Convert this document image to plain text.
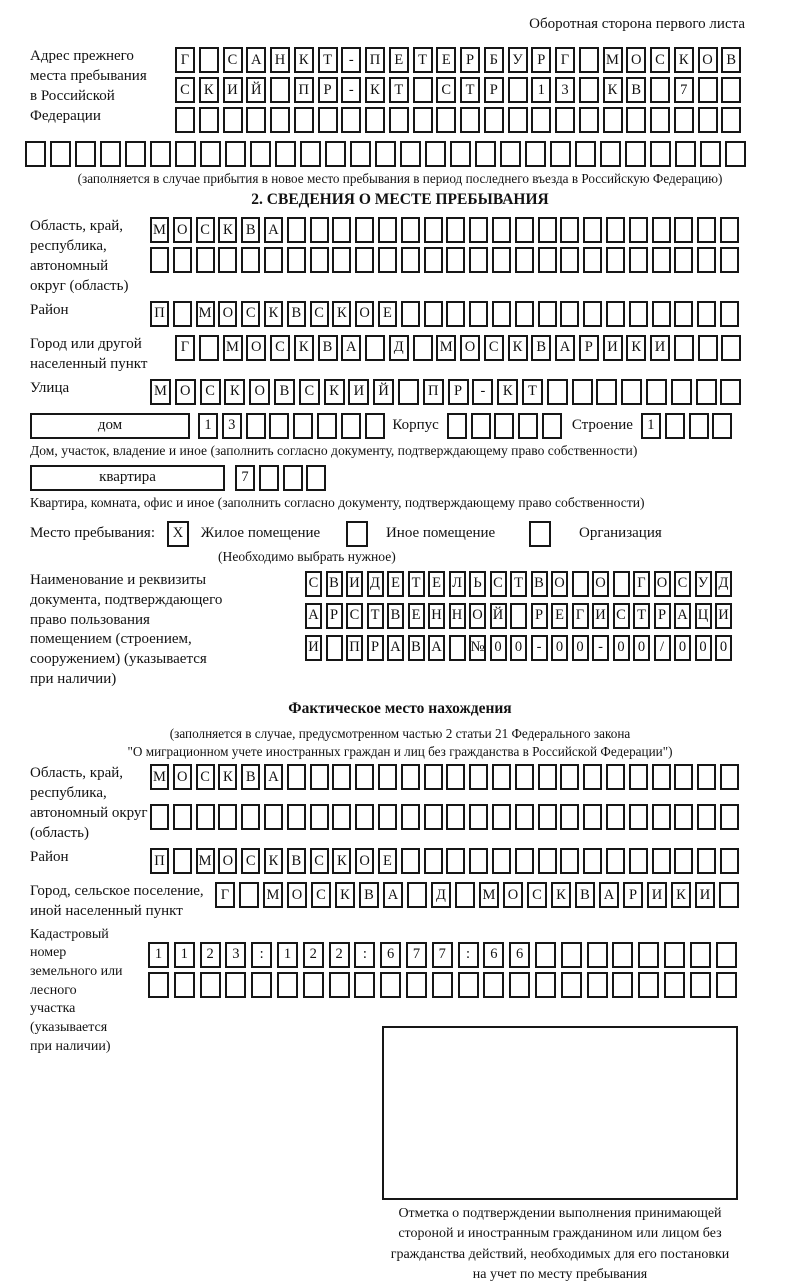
Оборотная сторона первого листа
Адрес прежнего
места пребывания
в Российской
Федерации
Г	С А Н К Т	-	П Е	Т	Е	Р	Б У	Р	Г	М О С К О В
С К И Й	П Р	-	К Т	С Т	Р	1	3	К В	7
(заполняется в случае прибытия в новое место пребывания в период последнего въезда в Российскую Федерацию)
2. СВЕДЕНИЯ О МЕСТЕ ПРЕБЫВАНИЯ
Область, край,
республика,
автономный
округ (область)
М О С К В А
Район	П М О С К В С К О Е
Город или другой
населенный пункт
Г	М О С К В А	Д	М О С К В А Р И К И
Улица	М О	С	К	О	В	С	К	И Й	П	Р	-	К	Т
дом	1	3	Корпус	Строение 1
Дом, участок, владение и иное (заполнить согласно документу, подтверждающему право собственности)
квартира	7
Квартира, комната, офис и иное (заполнить согласно документу, подтверждающему право собственности)
Место пребывания:	X	Жилое помещение	Иное помещение	Организация
(Необходимо выбрать нужное)
Наименование и реквизиты
документа, подтверждающего
право пользования
помещением (строением,
сооружением) (указывается
при наличии)
С В И Д Е Т Е Л Ь С Т В О О Г О С У Д
А Р С Т В Е Н Н О Й	Р Е Г И С Т Р А Ц И
И П Р А В А № 0 0 - 0 0 - 0 0	/	0 0 0
Фактическое место нахождения
(заполняется в случае, предусмотренном частью 2 статьи 21 Федерального закона
"О миграционном учете иностранных граждан и лиц без гражданства в Российской Федерации")
Область, край,
республика,
автономный округ
(область)
М О С К В А
Район	П М О С К В С К О Е
Город, сельское поселение,
иной населенный пункт
Г	М О С К В А	Д	М О С К В А	Р	И К И
Кадастровый номер
земельного или лесного
участка (указывается
при наличии)
1	1	2	3	:	1	2	2	:	6	7	7	:	6	6
Отметка о подтверждении выполнения принимающей
стороной и иностранным гражданином или лицом без
гражданства действий, необходимых для его постановки
на учет по месту пребывания
